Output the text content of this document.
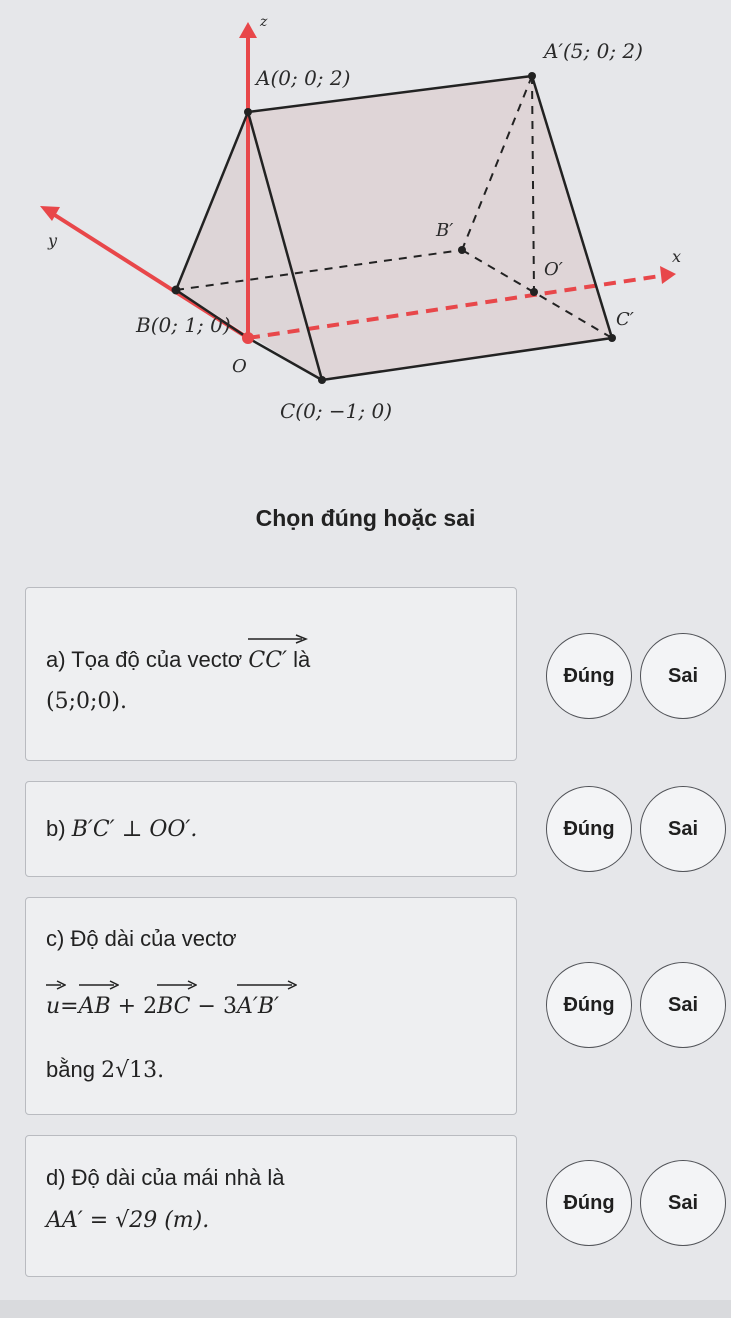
z
A(0; 0; 2)
A′(5; 0; 2)
y	B′
x
O′
B(0; 1; 0)	C′
O
C(0; −1; 0)
Chọn đúng hoặc sai
a) Tọa độ của vectơ CC′ là
(5;0;0).
Đúng	Sai
b) B′C′ ⊥ OO′.	Đúng	Sai
c) Độ dài của vectơ
u=
AB + 2
BC − 3
A′B′
bằng 2√13.
Đúng	Sai
d) Độ dài của mái nhà là
AA′ = √29 (m).
Đúng	Sai
